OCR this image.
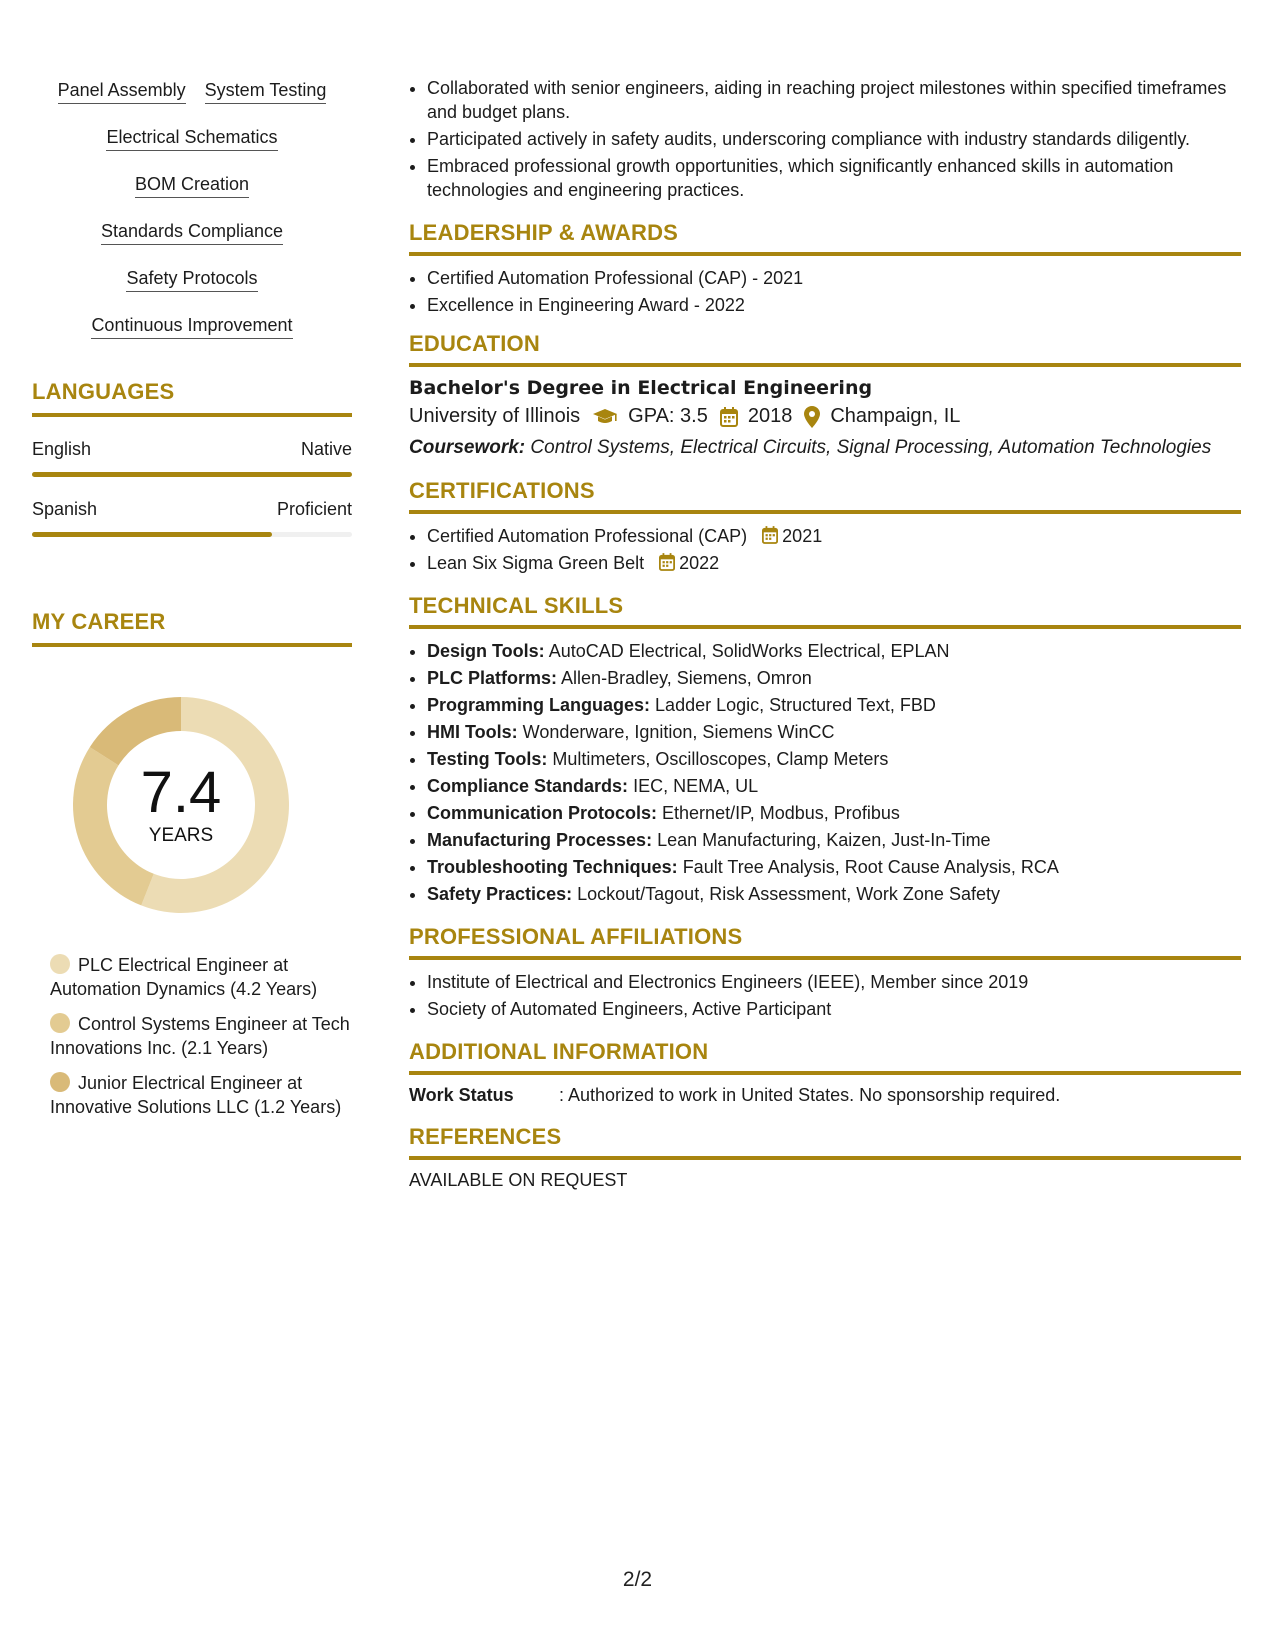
Panel Assembly System Testing
Electrical Schematics
BOM Creation
Standards Compliance
Safety Protocols
Continuous Improvement
LANGUAGES
English	Native
Spanish	Proficient
MY CAREER
7.4
YEARS
PLC Electrical Engineer at Automation Dynamics (4.2 Years)
Control Systems Engineer at Tech Innovations Inc. (2.1 Years)
Junior Electrical Engineer at Innovative Solutions LLC (1.2 Years)
• Collaborated with senior engineers, aiding in reaching project milestones within specified timeframes and budget plans.
• Participated actively in safety audits, underscoring compliance with industry standards diligently.
• Embraced professional growth opportunities, which significantly enhanced skills in automation technologies and engineering practices.
LEADERSHIP & AWARDS
• Certified Automation Professional (CAP) - 2021
• Excellence in Engineering Award - 2022
EDUCATION
Bachelor's Degree in Electrical Engineering
University of Illinois GPA: 3.5 2018 Champaign, IL
Coursework: Control Systems, Electrical Circuits, Signal Processing, Automation Technologies
CERTIFICATIONS
• Certified Automation Professional (CAP) 2021
• Lean Six Sigma Green Belt 2022
TECHNICAL SKILLS
• Design Tools: AutoCAD Electrical, SolidWorks Electrical, EPLAN
• PLC Platforms: Allen-Bradley, Siemens, Omron
• Programming Languages: Ladder Logic, Structured Text, FBD
• HMI Tools: Wonderware, Ignition, Siemens WinCC
• Testing Tools: Multimeters, Oscilloscopes, Clamp Meters
• Compliance Standards: IEC, NEMA, UL
• Communication Protocols: Ethernet/IP, Modbus, Profibus
• Manufacturing Processes: Lean Manufacturing, Kaizen, Just-In-Time
• Troubleshooting Techniques: Fault Tree Analysis, Root Cause Analysis, RCA
• Safety Practices: Lockout/Tagout, Risk Assessment, Work Zone Safety
PROFESSIONAL AFFILIATIONS
• Institute of Electrical and Electronics Engineers (IEEE), Member since 2019
• Society of Automated Engineers, Active Participant
ADDITIONAL INFORMATION
Work Status	: Authorized to work in United States. No sponsorship required.
REFERENCES
AVAILABLE ON REQUEST
2/2
